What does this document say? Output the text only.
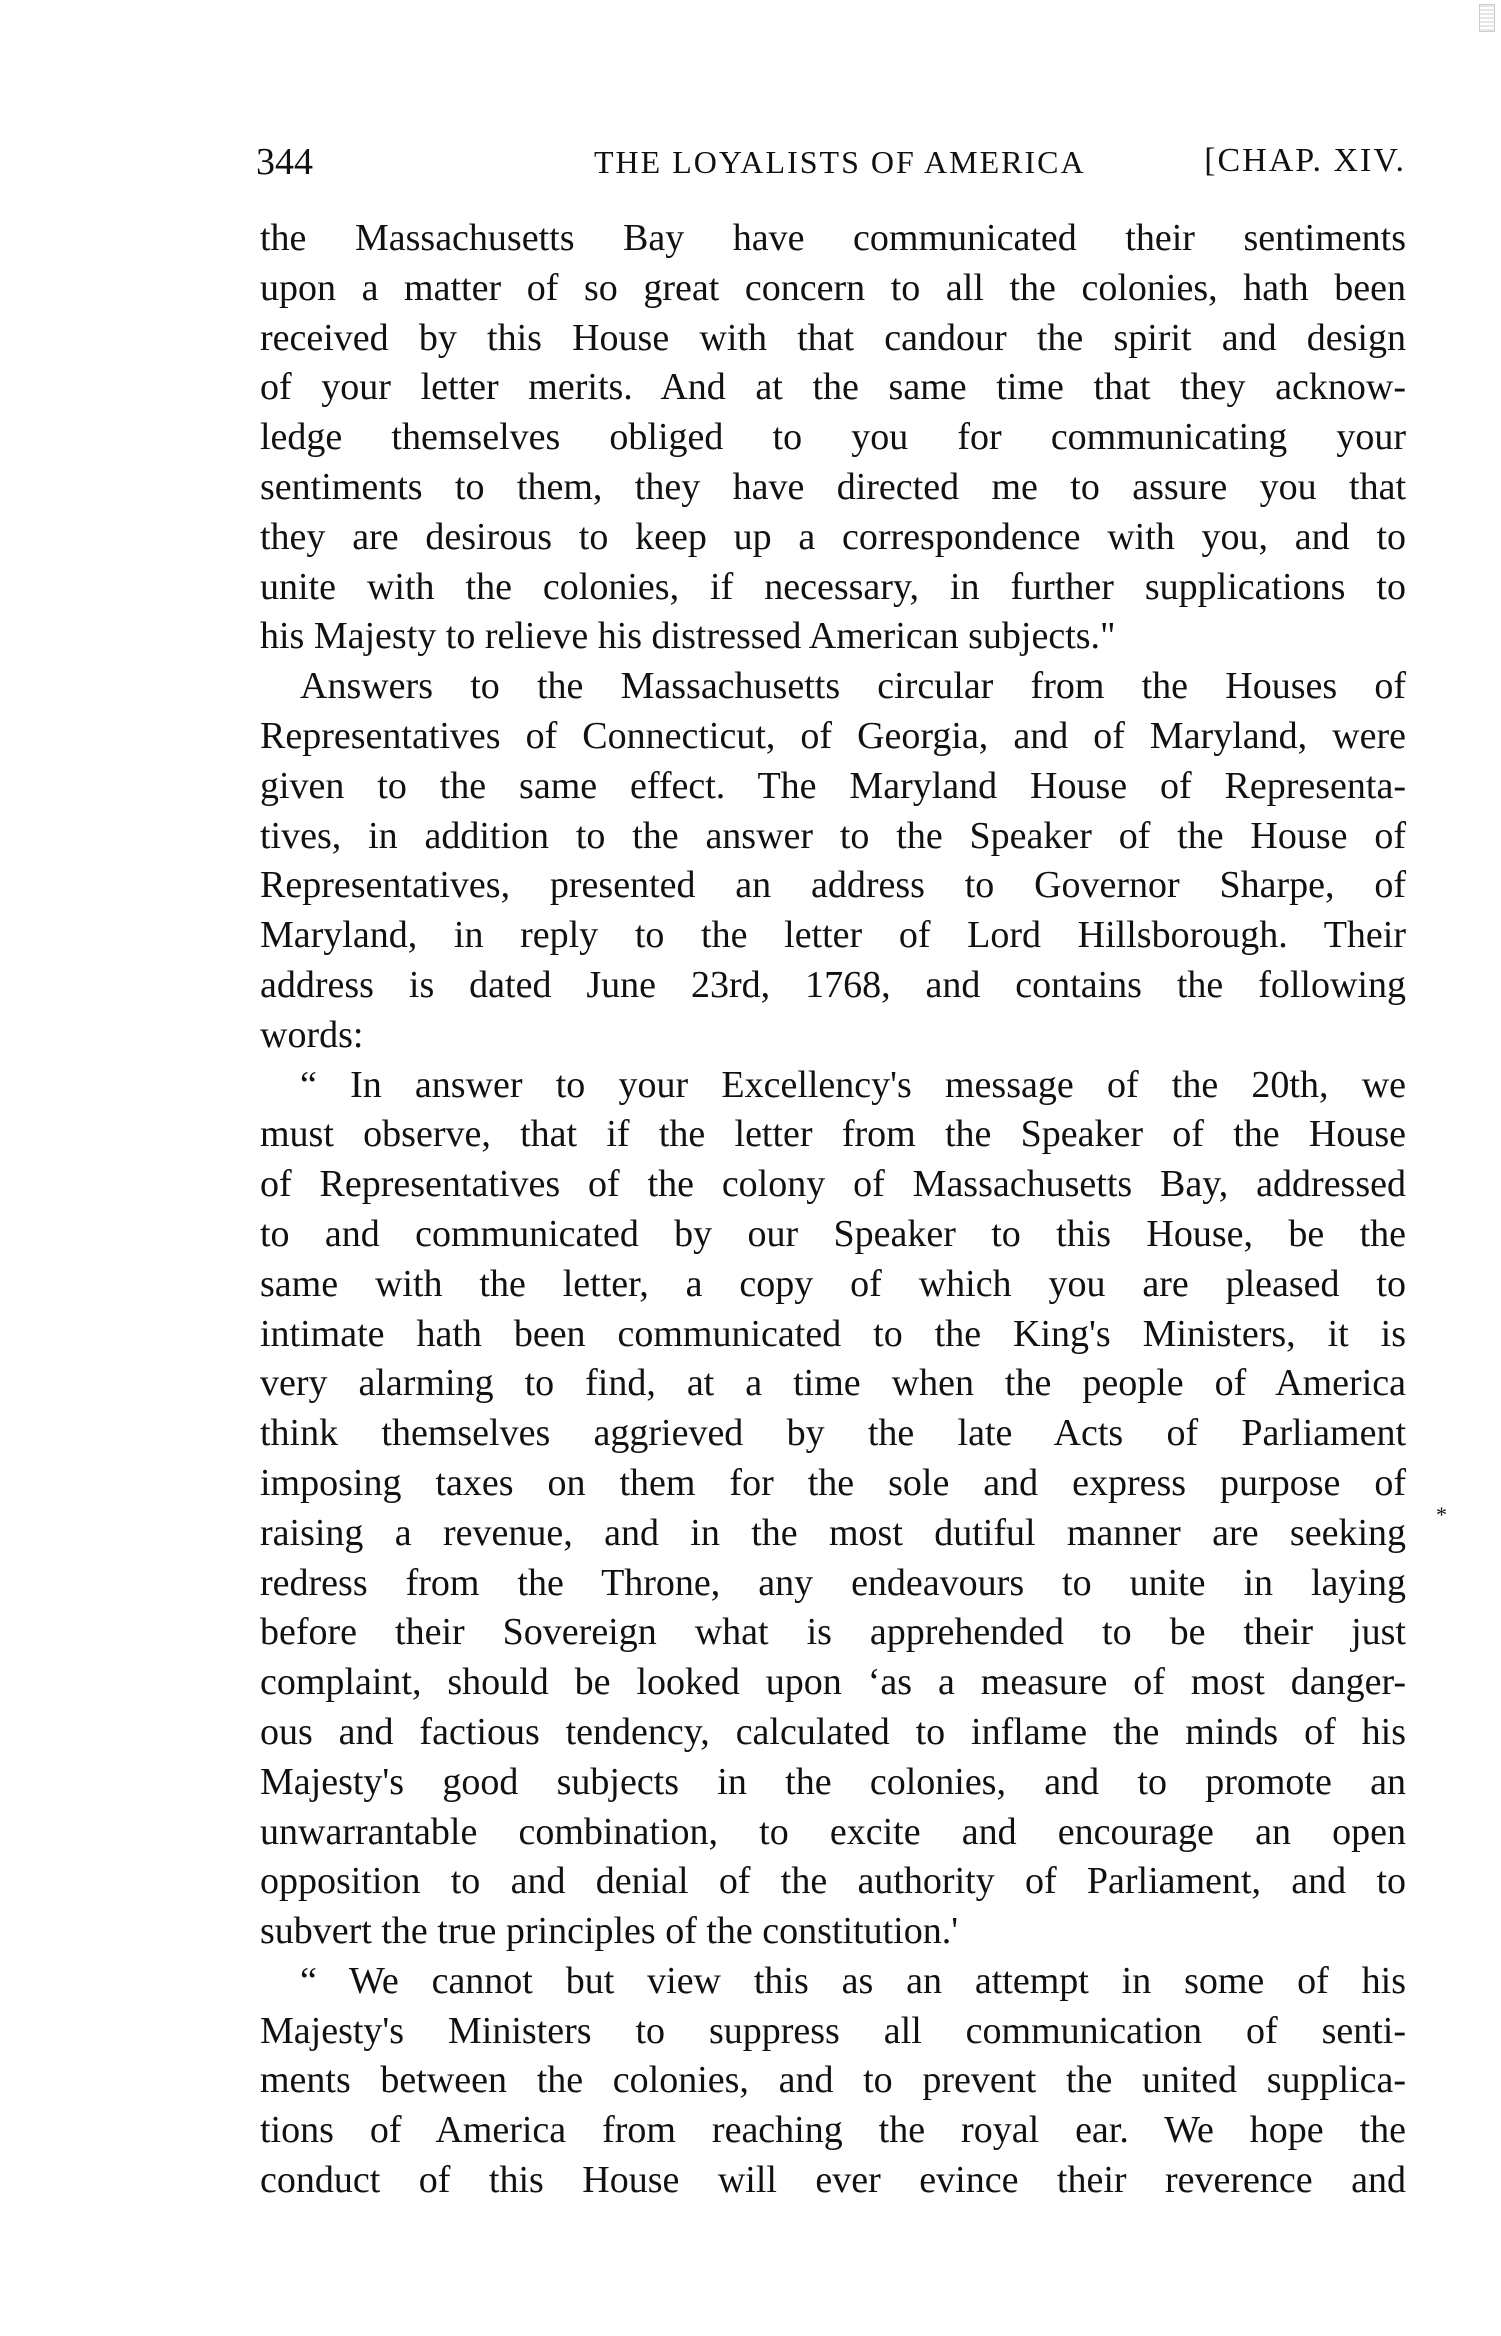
344	THE LOYALISTS OF AMERICA	[CHAP. XIV.
the Massachusetts Bay have communicated their sentiments
upon a matter of so great concern to all the colonies, hath been
received by this House with that candour the spirit and design
of your letter merits. And at the same time that they acknow-
ledge themselves obliged to you for communicating your
sentiments to them, they have directed me to assure you that
they are desirous to keep up a correspondence with you, and to
unite with the colonies, if necessary, in further supplications to
his Majesty to relieve his distressed American subjects."
Answers to the Massachusetts circular from the Houses of
Representatives of Connecticut, of Georgia, and of Maryland, were
given to the same effect. The Maryland House of Representa-
tives, in addition to the answer to the Speaker of the House of
Representatives, presented an address to Governor Sharpe, of
Maryland, in reply to the letter of Lord Hillsborough. Their
address is dated June 23rd, 1768, and contains the following
words:
“ In answer to your Excellency's message of the 20th, we
must observe, that if the letter from the Speaker of the House
of Representatives of the colony of Massachusetts Bay, addressed
to and communicated by our Speaker to this House, be the
same with the letter, a copy of which you are pleased to
intimate hath been communicated to the King's Ministers, it is
very alarming to find, at a time when the people of America
think themselves aggrieved by the late Acts of Parliament
imposing taxes on them for the sole and express purpose of
raising a revenue, and in the most dutiful manner are seeking
redress from the Throne, any endeavours to unite in laying
before their Sovereign what is apprehended to be their just
complaint, should be looked upon ‘as a measure of most danger-
ous and factious tendency, calculated to inflame the minds of his
Majesty's good subjects in the colonies, and to promote an
unwarrantable combination, to excite and encourage an open
opposition to and denial of the authority of Parliament, and to
subvert the true principles of the constitution.'
“ We cannot but view this as an attempt in some of his
Majesty's Ministers to suppress all communication of senti-
ments between the colonies, and to prevent the united supplica-
tions of America from reaching the royal ear. We hope the
conduct of this House will ever evince their reverence and
*
